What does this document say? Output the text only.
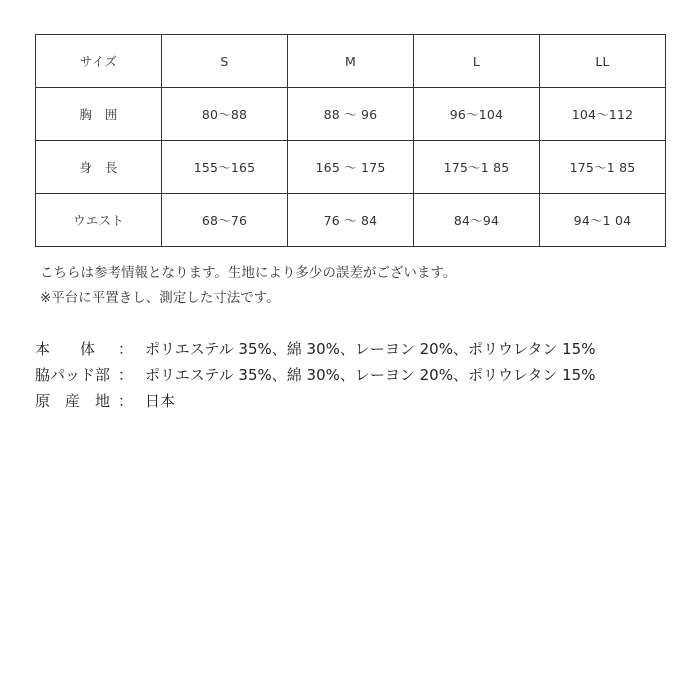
サイズ	S	M	L	LL
胸　囲	80～88	88 ～ 96	96～104	104～112
身　長	155～165	165 ～ 175	175～1 85	175～1 85
ウエスト	68～76	76 ～ 84	84～94	94～1 04
こちらは参考情報となります。生地により多少の誤差がございます。
※平台に平置きし、測定した寸法です。
本　　体 ： ポリエステル 35%、綿 30%、レーヨン 20%、ポリウレタン 15%
脇パッド部 ： ポリエステル 35%、綿 30%、レーヨン 20%、ポリウレタン 15%
原　産　地 ： 日本
